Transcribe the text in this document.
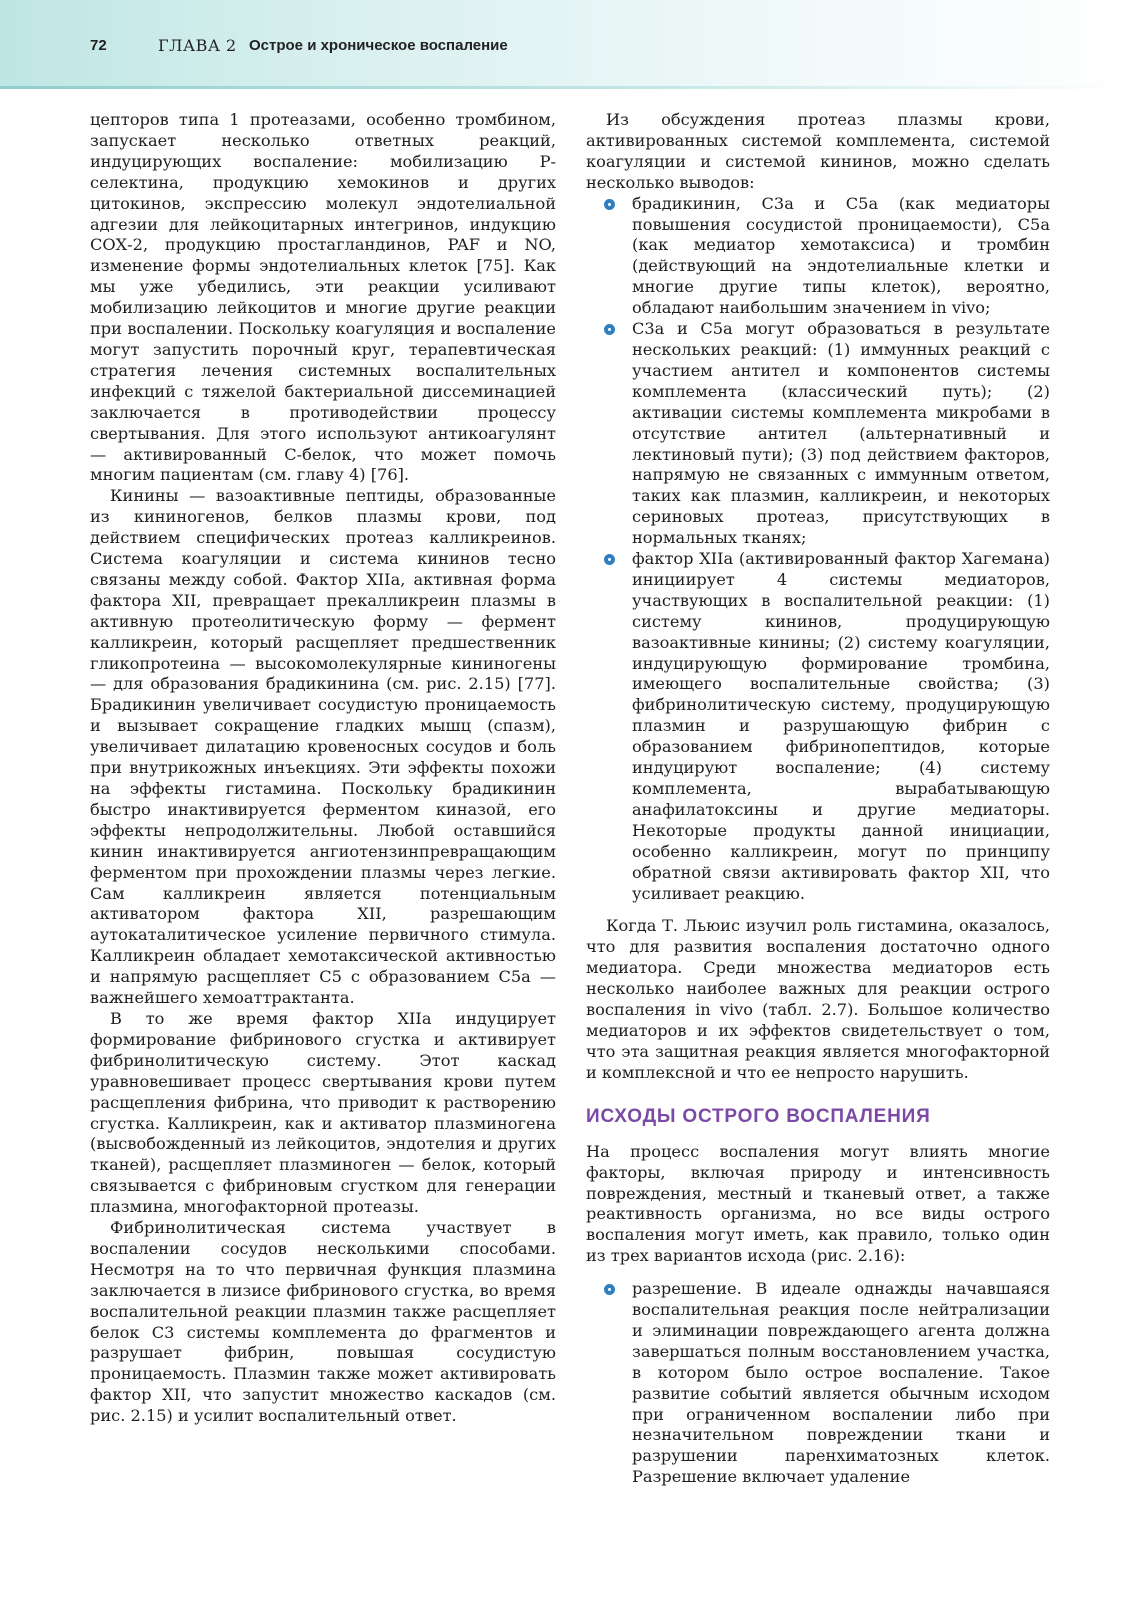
72	ГЛАВА 2 Острое и хроническое воспаление

цепторов типа 1 протеазами, особенно тромбином, запускает несколько ответных реакций, индуцирующих воспаление: мобилизацию Р-селектина, продукцию хемокинов и других цитокинов, экспрессию молекул эндотелиальной адгезии для лейкоцитарных интегринов, индукцию СОХ-2, продукцию простагландинов, PAF и NO, изменение формы эндотелиальных клеток [75]. Как мы уже убедились, эти реакции усиливают мобилизацию лейкоцитов и многие другие реакции при воспалении. Поскольку коагуляция и воспаление могут запустить порочный круг, терапевтическая стратегия лечения системных воспалительных инфекций с тяжелой бактериальной диссеминацией заключается в противодействии процессу свертывания. Для этого используют антикоагулянт — активированный С-белок, что может помочь многим пациентам (см. главу 4) [76].

Кинины — вазоактивные пептиды, образованные из кининогенов, белков плазмы крови, под действием специфических протеаз калликреинов. Система коагуляции и система кининов тесно связаны между собой. Фактор XIIa, активная форма фактора XII, превращает прекалликреин плазмы в активную протеолитическую форму — фермент калликреин, который расщепляет предшественник гликопротеина — высокомолекулярные кининогены — для образования брадикинина (см. рис. 2.15) [77]. Брадикинин увеличивает сосудистую проницаемость и вызывает сокращение гладких мышц (спазм), увеличивает дилатацию кровеносных сосудов и боль при внутрикожных инъекциях. Эти эффекты похожи на эффекты гистамина. Поскольку брадикинин быстро инактивируется ферментом киназой, его эффекты непродолжительны. Любой оставшийся кинин инактивируется ангиотензинпревращающим ферментом при прохождении плазмы через легкие. Сам калликреин является потенциальным активатором фактора XII, разрешающим аутокаталитическое усиление первичного стимула. Калликреин обладает хемотаксической активностью и напрямую расщепляет С5 с образованием С5а — важнейшего хемоаттрактанта.

В то же время фактор XIIa индуцирует формирование фибринового сгустка и активирует фибринолитическую систему. Этот каскад уравновешивает процесс свертывания крови путем расщепления фибрина, что приводит к растворению сгустка. Калликреин, как и активатор плазминогена (высвобожденный из лейкоцитов, эндотелия и других тканей), расщепляет плазминоген — белок, который связывается с фибриновым сгустком для генерации плазмина, многофакторной протеазы.

Фибринолитическая система участвует в воспалении сосудов несколькими способами. Несмотря на то что первичная функция плазмина заключается в лизисе фибринового сгустка, во время воспалительной реакции плазмин также расщепляет белок С3 системы комплемента до фрагментов и разрушает фибрин, повышая сосудистую проницаемость. Плазмин также может активировать фактор XII, что запустит множество каскадов (см. рис. 2.15) и усилит воспалительный ответ.

Из обсуждения протеаз плазмы крови, активированных системой комплемента, системой коагуляции и системой кининов, можно сделать несколько выводов:

брадикинин, С3а и С5а (как медиаторы повышения сосудистой проницаемости), С5а (как медиатор хемотаксиса) и тромбин (действующий на эндотелиальные клетки и многие другие типы клеток), вероятно, обладают наибольшим значением in vivo;
С3а и С5а могут образоваться в результате нескольких реакций: (1) иммунных реакций с участием антител и компонентов системы комплемента (классический путь); (2) активации системы комплемента микробами в отсутствие антител (альтернативный и лектиновый пути); (3) под действием факторов, напрямую не связанных с иммунным ответом, таких как плазмин, калликреин, и некоторых сериновых протеаз, присутствующих в нормальных тканях;
фактор XIIa (активированный фактор Хагемана) инициирует 4 системы медиаторов, участвующих в воспалительной реакции: (1) систему кининов, продуцирующую вазоактивные кинины; (2) систему коагуляции, индуцирующую формирование тромбина, имеющего воспалительные свойства; (3) фибринолитическую систему, продуцирующую плазмин и разрушающую фибрин с образованием фибринопептидов, которые индуцируют воспаление; (4) систему комплемента, вырабатывающую анафилатоксины и другие медиаторы. Некоторые продукты данной инициации, особенно калликреин, могут по принципу обратной связи активировать фактор XII, что усиливает реакцию.

Когда Т. Льюис изучил роль гистамина, оказалось, что для развития воспаления достаточно одного медиатора. Среди множества медиаторов есть несколько наиболее важных для реакции острого воспаления in vivo (табл. 2.7). Большое количество медиаторов и их эффектов свидетельствует о том, что эта защитная реакция является многофакторной и комплексной и что ее непросто нарушить.

ИСХОДЫ ОСТРОГО ВОСПАЛЕНИЯ

На процесс воспаления могут влиять многие факторы, включая природу и интенсивность повреждения, местный и тканевый ответ, а также реактивность организма, но все виды острого воспаления могут иметь, как правило, только один из трех вариантов исхода (рис. 2.16):

разрешение. В идеале однажды начавшаяся воспалительная реакция после нейтрализации и элиминации повреждающего агента должна завершаться полным восстановлением участка, в котором было острое воспаление. Такое развитие событий является обычным исходом при ограниченном воспалении либо при незначительном повреждении ткани и разрушении паренхиматозных клеток. Разрешение включает удаление
